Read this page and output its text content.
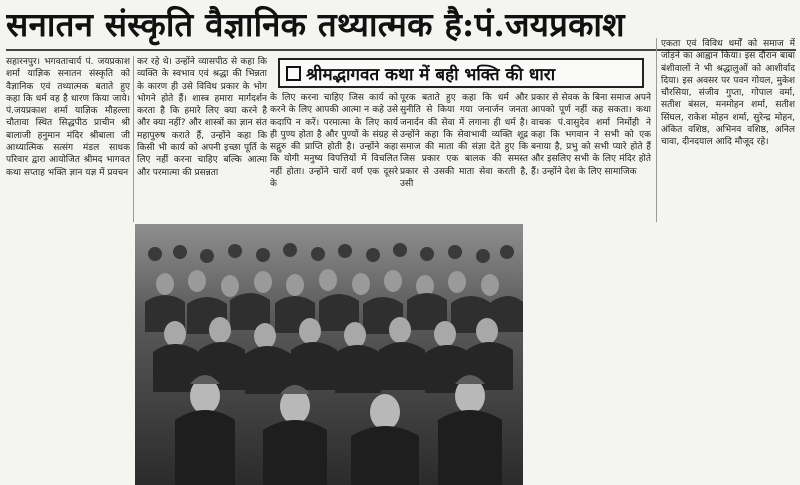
सनातन संस्कृति वैज्ञानिक तथ्यात्मक है:पं.जयप्रकाश
श्रीमद्भागवत कथा में बही भक्ति की धारा

सहारनपुर। भगवताचार्य पं. जयप्रकाश शर्मा याज्ञिक सनातन संस्कृति को वैज्ञानिक एवं तथ्यात्मक बताते हुए कहा कि धर्म वह है धारण किया जाये। पं.जयप्रकाश शर्मा याज्ञिक मौहल्ला चौतावा स्थित सिद्धपीठ प्राचीन श्री बालाजी हनुमान मंदिर श्रीबाला जी आध्यात्मिक सत्संग मंडल साधक परिवार द्वारा आयोजित श्रीमद भागवत कथा सप्ताह भक्ति ज्ञान यज्ञ में प्रवचन

कर रहे थे। उन्होंने व्यासपीठ से कहा कि व्यक्ति के स्वभाव एवं श्रद्धा की भिन्नता के कारण ही उसे विविध प्रकार के भोग भोगने होते हैं। शास्त्र हमारा मार्गदर्शन करता है कि हमारे लिए क्या करने है और क्या नहीं? और शास्त्रों का ज्ञान संत महापुरुष कराते हैं, उन्होंने कहा कि किसी भी कार्य को अपनी इच्छा पूर्ति के लिए नहीं करना चाहिए बल्कि आत्मा और परमात्मा की प्रसन्नता

के लिए करना चाहिए जिस कार्य को करने के लिए आपकी आत्मा न कहे उसे कदापि न करें। परमात्मा के लिए कार्य ही पुण्य होता है और पुण्यों के संग्रह से सद्गुरु की प्राप्ति होती है। उन्होंने कहा कि योगी मनुष्य विपत्तियों में विचलित नहीं होता। उन्होंने चारों वर्ण एक दूसरे के

पूरक बताते हुए कहा कि धर्म और सुनीति से किया गया जनार्जन जनता जनार्दन की सेवा में लगाना ही धर्म है। उन्होंने कहा कि सेवाभावी व्यक्ति शूद्र समाज की माता की संज्ञा देते हुए कि जिस प्रकार एक बालक की समस्त प्रकार से उसकी माता सेवा करती है, उसी

प्रकार से सेवक के बिना समाज अपने आपको पूर्ण नहीं कह सकता। कथा वाचक पं.वासुदेव शर्मा निर्मोही ने कहा कि भगवान ने सभी को एक बनाया है, प्रभु को सभी प्यारे होते हैं और इसलिए सभी के लिए मंदिर होते हैं। उन्होंने देश के लिए सामाजिक

एकता एवं विविध धर्मों को समाज में जोड़ने का आह्वान किया। इस दौरान बाबा बंशीवालों ने भी श्रद्धालुओं को आशीर्वाद दिया। इस अवसर पर पवन गोयल, मुकेश चौरसिया, संजीव गुप्ता, गोपाल वर्मा, सतीश बंसल, मनमोहन शर्मा, सतीश सिंघल, राकेश मोहन शर्मा, सुरेन्द्र मोहन, अंकित वशिष्ठ, अभिनव वशिष्ठ, अनिल चावा, दीनदयाल आदि मौजूद रहे।
